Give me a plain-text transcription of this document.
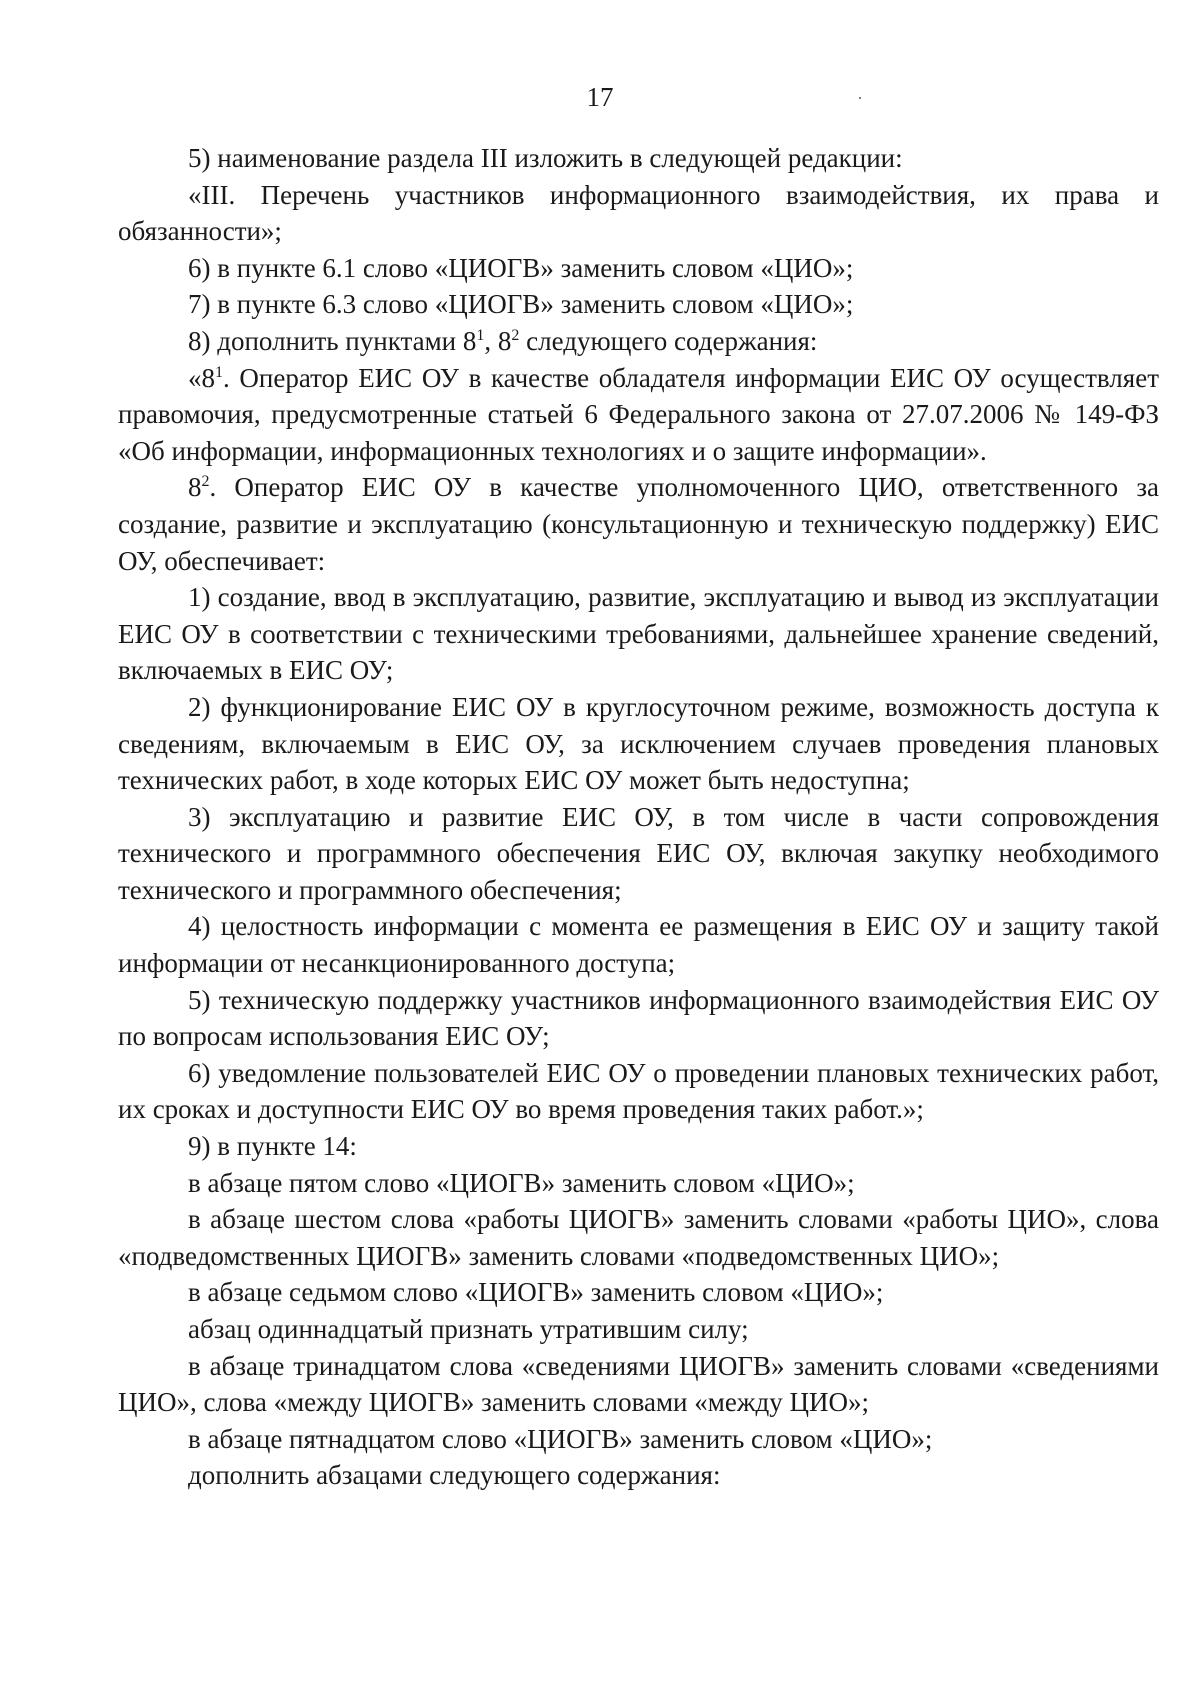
17

5) наименование раздела III изложить в следующей редакции:

«III. Перечень участников информационного взаимодействия, их права и обязанности»;

6) в пункте 6.1 слово «ЦИОГВ» заменить словом «ЦИО»;

7) в пункте 6.3 слово «ЦИОГВ» заменить словом «ЦИО»;

8) дополнить пунктами $8^1$, $8^2$ следующего содержания:

«$8^1$. Оператор ЕИС ОУ в качестве обладателя информации ЕИС ОУ осуществляет правомочия, предусмотренные статьей 6 Федерального закона от 27.07.2006 № 149-ФЗ «Об информации, информационных технологиях и о защите информации».

$8^2$. Оператор ЕИС ОУ в качестве уполномоченного ЦИО, ответственного за создание, развитие и эксплуатацию (консультационную и техническую поддержку) ЕИС ОУ, обеспечивает:

1) создание, ввод в эксплуатацию, развитие, эксплуатацию и вывод из эксплуатации ЕИС ОУ в соответствии с техническими требованиями, дальнейшее хранение сведений, включаемых в ЕИС ОУ;

2) функционирование ЕИС ОУ в круглосуточном режиме, возможность доступа к сведениям, включаемым в ЕИС ОУ, за исключением случаев проведения плановых технических работ, в ходе которых ЕИС ОУ может быть недоступна;

3) эксплуатацию и развитие ЕИС ОУ, в том числе в части сопровождения технического и программного обеспечения ЕИС ОУ, включая закупку необходимого технического и программного обеспечения;

4) целостность информации с момента ее размещения в ЕИС ОУ и защиту такой информации от несанкционированного доступа;

5) техническую поддержку участников информационного взаимодействия ЕИС ОУ по вопросам использования ЕИС ОУ;

6) уведомление пользователей ЕИС ОУ о проведении плановых технических работ, их сроках и доступности ЕИС ОУ во время проведения таких работ.»;

9) в пункте 14:

в абзаце пятом слово «ЦИОГВ» заменить словом «ЦИО»;

в абзаце шестом слова «работы ЦИОГВ» заменить словами «работы ЦИО», слова «подведомственных ЦИОГВ» заменить словами «подведомственных ЦИО»;

в абзаце седьмом слово «ЦИОГВ» заменить словом «ЦИО»;

абзац одиннадцатый признать утратившим силу;

в абзаце тринадцатом слова «сведениями ЦИОГВ» заменить словами «сведениями ЦИО», слова «между ЦИОГВ» заменить словами «между ЦИО»;

в абзаце пятнадцатом слово «ЦИОГВ» заменить словом «ЦИО»;

дополнить абзацами следующего содержания:
